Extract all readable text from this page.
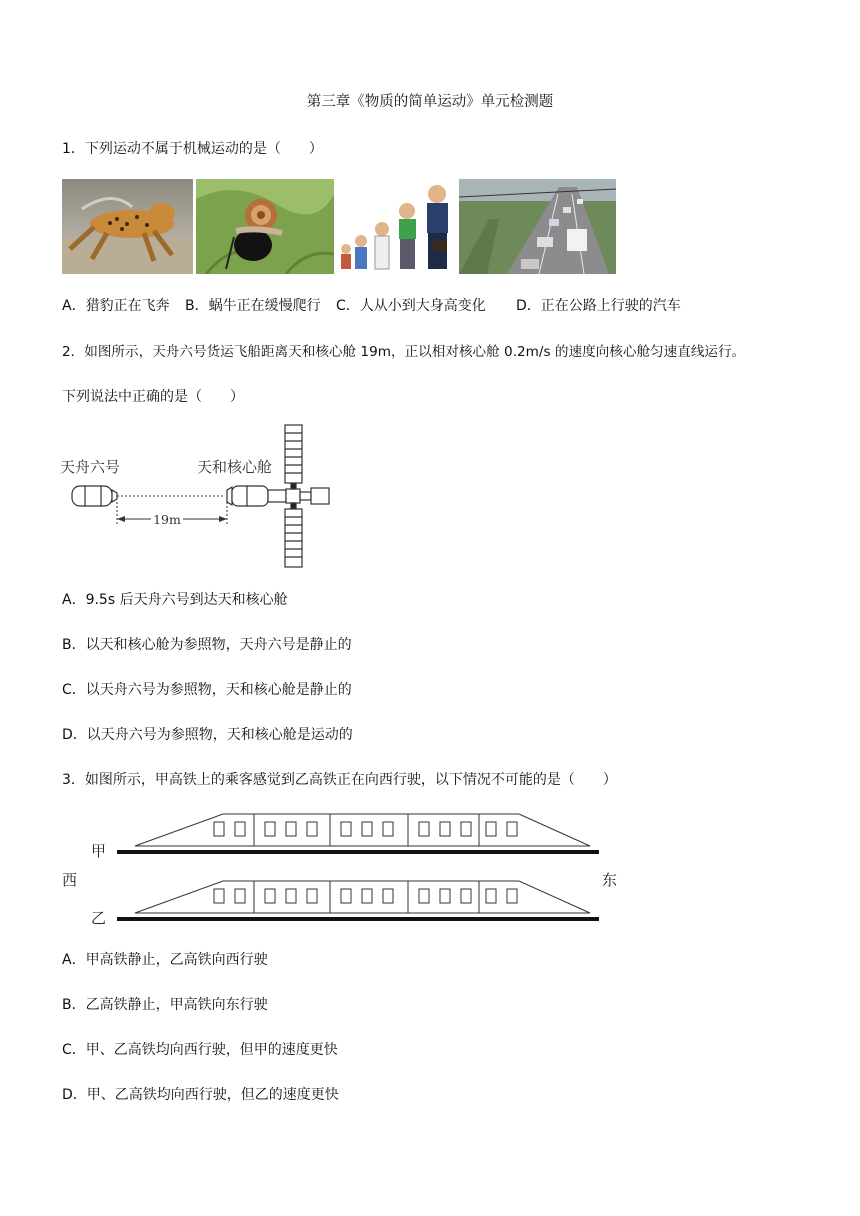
第三章《物质的简单运动》单元检测题
1．下列运动不属于机械运动的是（　　）
A．猎豹正在飞奔 B．蜗牛正在缓慢爬行 C．人从小到大身高变化 D．正在公路上行驶的汽车
2．如图所示，天舟六号货运飞船距离天和核心舱 19m，正以相对核心舱 0.2m/s 的速度向核心舱匀速直线运行。
下列说法中正确的是（　　）
天舟六号	天和核心舱
19m
A．9.5s 后天舟六号到达天和核心舱
B．以天和核心舱为参照物，天舟六号是静止的
C．以天舟六号为参照物，天和核心舱是静止的
D．以天舟六号为参照物，天和核心舱是运动的
3．如图所示，甲高铁上的乘客感觉到乙高铁正在向西行驶，以下情况不可能的是（　　）
甲
西	东
乙
A．甲高铁静止，乙高铁向西行驶
B．乙高铁静止，甲高铁向东行驶
C．甲、乙高铁均向西行驶，但甲的速度更快
D．甲、乙高铁均向西行驶，但乙的速度更快
